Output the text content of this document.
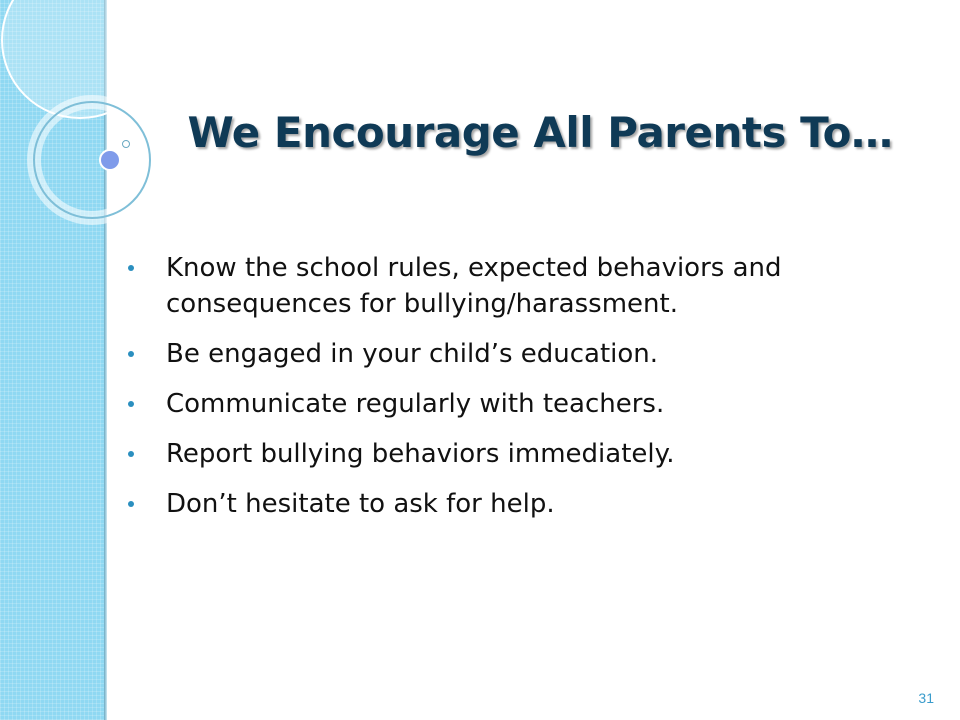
We Encourage All Parents To…
Know the school rules, expected behaviors and consequences for bullying/harassment.
Be engaged in your child’s education.
Communicate regularly with teachers.
Report bullying behaviors immediately.
Don’t hesitate to ask for help.
31
